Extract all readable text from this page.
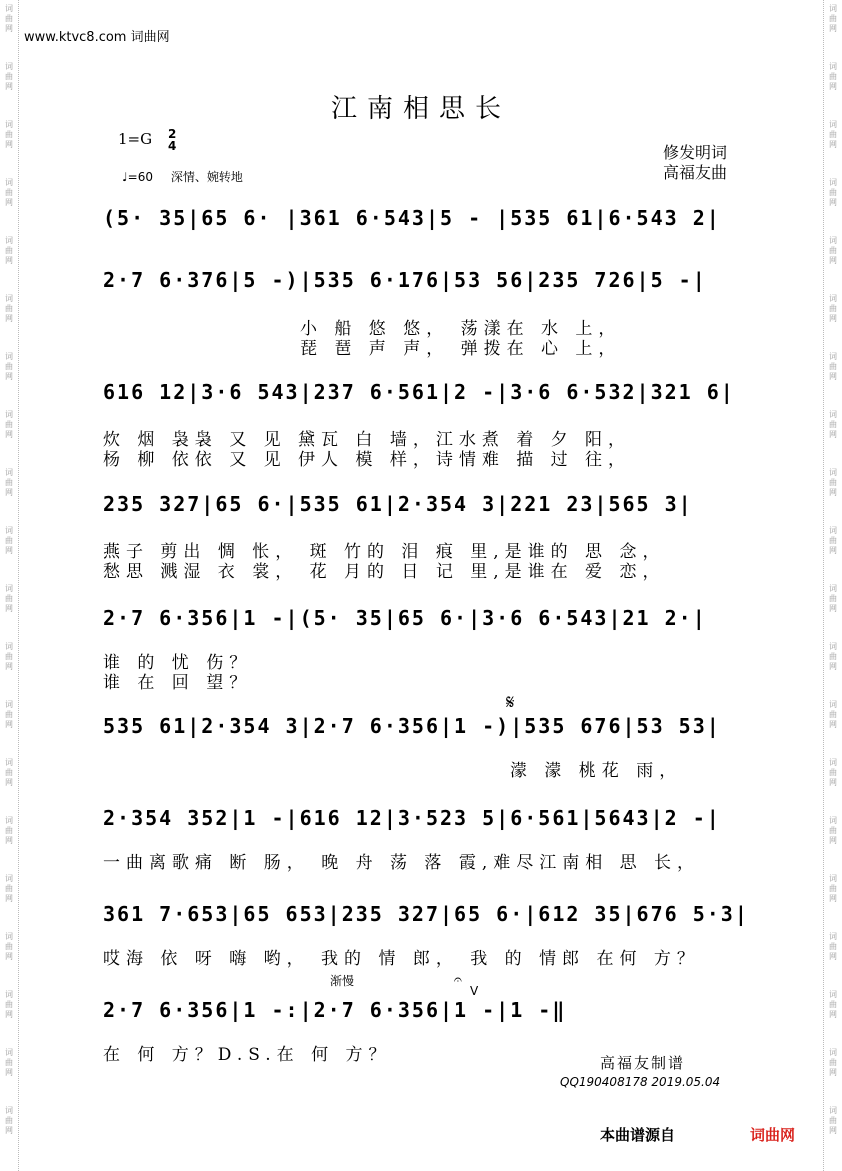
词
曲
网
词
曲
网
词
曲
网
词
曲
网
词
曲
网
词
曲
网
词
曲
网
词
曲
网
词
曲
网
词
曲
网
词
曲
网
词
曲
网
词
曲
网
词
曲
网
词
曲
网
词
曲
网
词
曲
网
词
曲
网
词
曲
网
词
曲
网
词
曲
网
词
曲
网
词
曲
网
词
曲
网
词
曲
网
词
曲
网
词
曲
网
词
曲
网
词
曲
网
词
曲
网
词
曲
网
词
曲
网
词
曲
网
词
曲
网
词
曲
网
词
曲
网
词
曲
网
词
曲
网
词
曲
网
词
曲
网
www.ktvc8.com 词曲网
江南相思长
1=G 2
4
♩=60 深情、婉转地
修发明词
高福友曲
(5· 35|65 6· |361 6·543|5 - |535 61|6·543 2|
2·7 6·376|5 -)|535 6·176|53 56|235 726|5 -|
小 船 悠 悠， 荡漾在 水 上，
琵 琶 声 声， 弹拨在 心 上，
616 12|3·6 543|237 6·561|2 -|3·6 6·532|321 6|
炊 烟 袅袅 又 见 黛瓦 白 墙，江水煮 着 夕 阳，
杨 柳 依依 又 见 伊人 模 样，诗情难 描 过 往，
235 327|65 6·|535 61|2·354 3|221 23|565 3|
燕子 剪出 惆 怅， 斑 竹的 泪 痕 里,是谁的 思 念，
愁思 溅湿 衣 裳， 花 月的 日 记 里,是谁在 爱 恋，
2·7 6·356|1 -|(5· 35|65 6·|3·6 6·543|21 2·|
谁 的 忧 伤？
谁 在 回 望？
𝄋
535 61|2·354 3|2·7 6·356|1 -)|535 676|53 53|
濛 濛 桃花 雨，
2·354 352|1 -|616 12|3·523 5|6·561|5643|2 -|
一曲离歌痛 断 肠， 晚 舟 荡 落 霞,难尽江南相 思 长，
361 7·653|65 653|235 327|65 6·|612 35|676 5·3|
哎海 依 呀 嗨 哟， 我的 情 郎， 我 的 情郎 在何 方？
渐慢	𝄐
V
2·7 6·356|1 -:|2·7 6·356|1 -|1 -‖
在 何 方？D.S.在 何 方？	高福友制谱
QQ190408178 2019.05.04
本曲谱源自	词曲网
